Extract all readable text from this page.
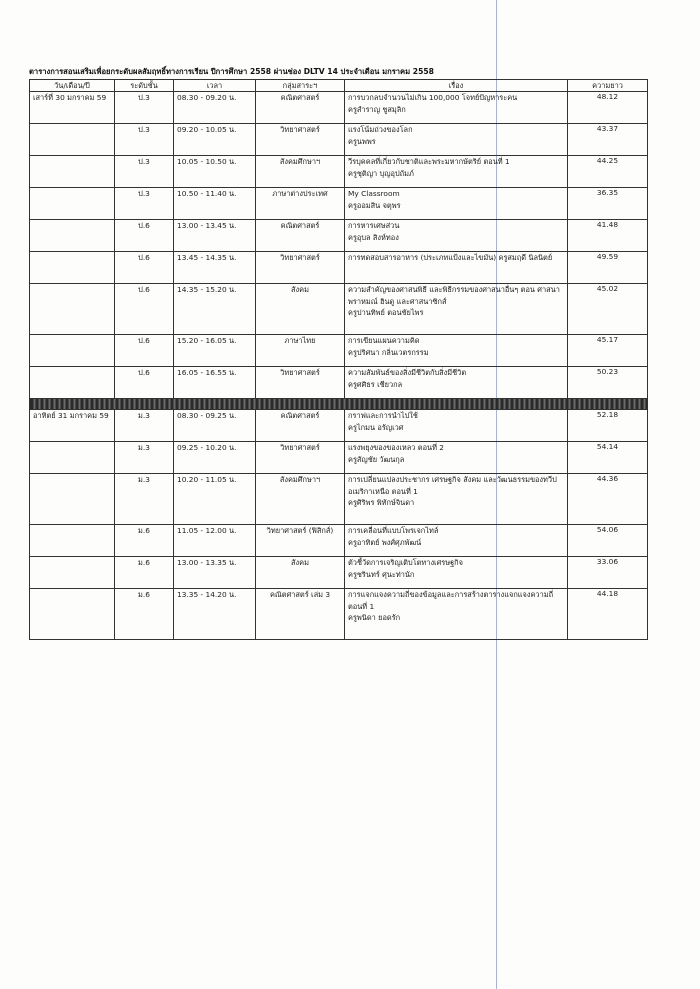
ตารางการสอนเสริมเพื่อยกระดับผลสัมฤทธิ์ทางการเรียน ปีการศึกษา 2558 ผ่านช่อง DLTV 14 ประจำเดือน มกราคม 2558
วัน/เดือน/ปี	ระดับชั้น	เวลา	กลุ่มสาระฯ	เรื่อง	ความยาว
เสาร์ที่ 30 มกราคม 59	ป.3	08.30 - 09.20 น.	คณิตศาสตร์	การบวกลบจำนวนไม่เกิน 100,000 โจทย์ปัญหาระคน
ครูสำราญ ชูสมุลิก	48.12
	ป.3	09.20 - 10.05 น.	วิทยาศาสตร์	แรงโน้มถ่วงของโลก
ครูนพพร	43.37
	ป.3	10.05 - 10.50 น.	สังคมศึกษาฯ	วีรบุคคลที่เกี่ยวกับชาติและพระมหากษัตริย์ ตอนที่ 1
ครูชุติญา บุญอุปถัมภ์	44.25
	ป.3	10.50 - 11.40 น.	ภาษาต่างประเทศ	My Classroom
ครูออมสิน จตุพร	36.35
	ป.6	13.00 - 13.45 น.	คณิตศาสตร์	การหารเศษส่วน
ครูอุบล สิงห์ทอง	41.48
	ป.6	13.45 - 14.35 น.	วิทยาศาสตร์	การทดสอบสารอาหาร (ประเภทแป้งและไขมัน) ครูสมฤดี นิลนิตย์	49.59
	ป.6	14.35 - 15.20 น.	สังคม	ความสำคัญของศาสนพิธี และพิธีกรรมของศาสนาอื่นๆ ตอน ศาสนา
พราหมณ์ ฮินดู และศาสนาซิกส์
ครูปานทิพย์ ตอนชัยไพร	45.02
	ป.6	15.20 - 16.05 น.	ภาษาไทย	การเขียนแผนความคิด
ครูปริศนา กลิ่นเวตรกรรม	45.17
	ป.6	16.05 - 16.55 น.	วิทยาศาสตร์	ความสัมพันธ์ของสิ่งมีชีวิตกับสิ่งมีชีวิต
ครูศศิธร เชียวกล	50.23

อาทิตย์ 31 มกราคม 59	ม.3	08.30 - 09.25 น.	คณิตศาสตร์	กราฟและการนำไปใช้
ครูไกมน อรัญเวศ	52.18
	ม.3	09.25 - 10.20 น.	วิทยาศาสตร์	แรงพยุงของของเหลว ตอนที่ 2
ครูสัญชัย วัฒนกุล	54.14
	ม.3	10.20 - 11.05 น.	สังคมศึกษาฯ	การเปลี่ยนแปลงประชากร เศรษฐกิจ สังคม และวัฒนธรรมของทวีป
อเมริกาเหนือ ตอนที่ 1
ครูศิริพร พิทักษ์จินดา	44.36
	ม.6	11.05 - 12.00 น.	วิทยาศาสตร์ (ฟิสิกส์)	การเคลื่อนที่แบบโพรเจกไทล์
ครูอาทิตย์ พงศ์ศุภพัฒน์	54.06
	ม.6	13.00 - 13.35 น.	สังคม	ตัวชี้วัดการเจริญเติบโตทางเศรษฐกิจ
ครูชรินทร์ ศุนะท่านัก	33.06
	ม.6	13.35 - 14.20 น.	คณิตศาสตร์ เล่ม 3	การแจกแจงความถี่ของข้อมูลและการสร้างตารางแจกแจงความถี่
ตอนที่ 1
ครูพนิดา ยอดรัก	44.18
